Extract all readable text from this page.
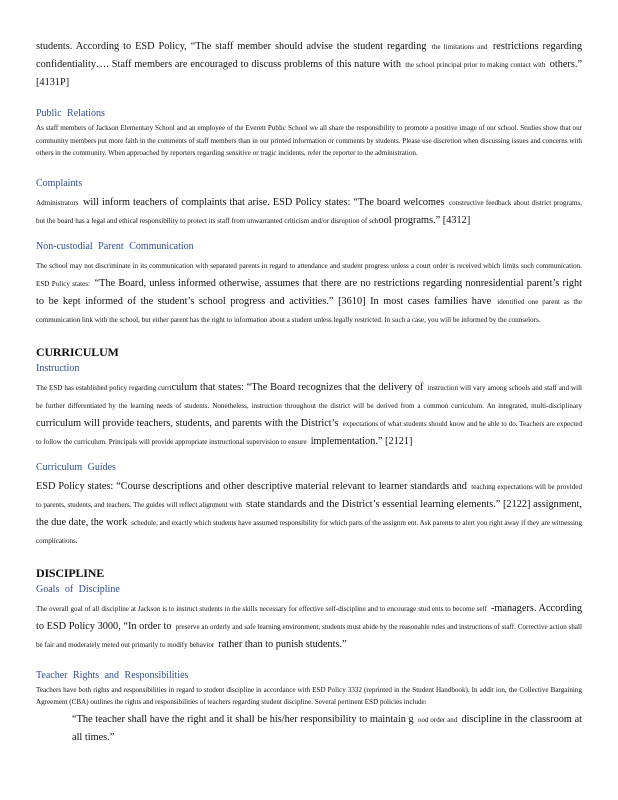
students. According to ESD Policy, “The staff member should advise the student regarding the limitations and restrictions regarding confidentiality…. Staff members are encouraged to discuss problems of this nature with the school principal prior to making contact with others.” [4131P]

Public Relations

As staff members of Jackson Elementary School and an employee of the Everett Public School we all share the responsibility to promote a positive image of our school. Studies show that our community members put more faith in the comments of staff members than in our printed information or comments by students. Please use discretion when discussing issues and concerns with others in the community. When approached by reporters regarding sensitive or tragic incidents, refer the reporter to the administration.

Complaints

Administrators will inform teachers of complaints that arise. ESD Policy states: “The board welcomes constructive feedback about district programs, but the board has a legal and ethical responsibility to protect its staff from unwarranted criticism and/or disruption of school programs.” [4312]

Non-custodial Parent Communication

The school may not discriminate in its communication with separated parents in regard to attendance and student progress unless a court order is received which limits such communication. ESD Policy states: “The Board, unless informed otherwise, assumes that there are no restrictions regarding nonresidential parent’s right to be kept informed of the student’s school progress and activities.” [3610] In most cases families have identified one parent as the communication link with the school, but either parent has the right to information about a student unless legally restricted. In such a case, you will be informed by the counselors.

CURRICULUM

Instruction

The ESD has established policy regarding curriculum that states: “The Board recognizes that the delivery of instruction will vary among schools and staff and will be further differentiated by the learning needs of students. Nonetheless, instruction throughout the district will be derived from a common curriculum. An integrated, multi-disciplinary curriculum will provide teachers, students, and parents with the District’s expectations of what students should know and be able to do. Teachers are expected to follow the curriculum. Principals will provide appropriate instructional supervision to ensure implementation.” [2121]

Curriculum Guides

ESD Policy states: “Course descriptions and other descriptive material relevant to learner standards and teaching expectations will be provided to parents, students, and teachers. The guides will reflect alignment with state standards and the District’s essential learning elements.” [2122] assignment, the due date, the work schedule, and exactly which students have assumed responsibility for which parts of the assignm ent. Ask parents to alert you right away if they are witnessing complications.

DISCIPLINE

Goals of Discipline

The overall goal of all discipline at Jackson is to instruct students in the skills necessary for effective self-discipline and to encourage stud ents to become self -managers. According to ESD Policy 3000, “In order to preserve an orderly and safe learning environment, students must abide by the reasonable rules and instructions of staff. Corrective action shall be fair and moderately meted out primarily to modify behavior rather than to punish students.”

Teacher Rights and Responsibilities

Teachers have both rights and responsibilities in regard to student discipline in accordance with ESD Policy 3332 (reprinted in the Student Handbook). In addit ion, the Collective Bargaining Agreement (CBA) outlines the rights and responsibilities of teachers regarding student discipline. Several pertinent ESD policies include:

“The teacher shall have the right and it shall be his/her responsibility to maintain g ood order and discipline in the classroom at all times.”
